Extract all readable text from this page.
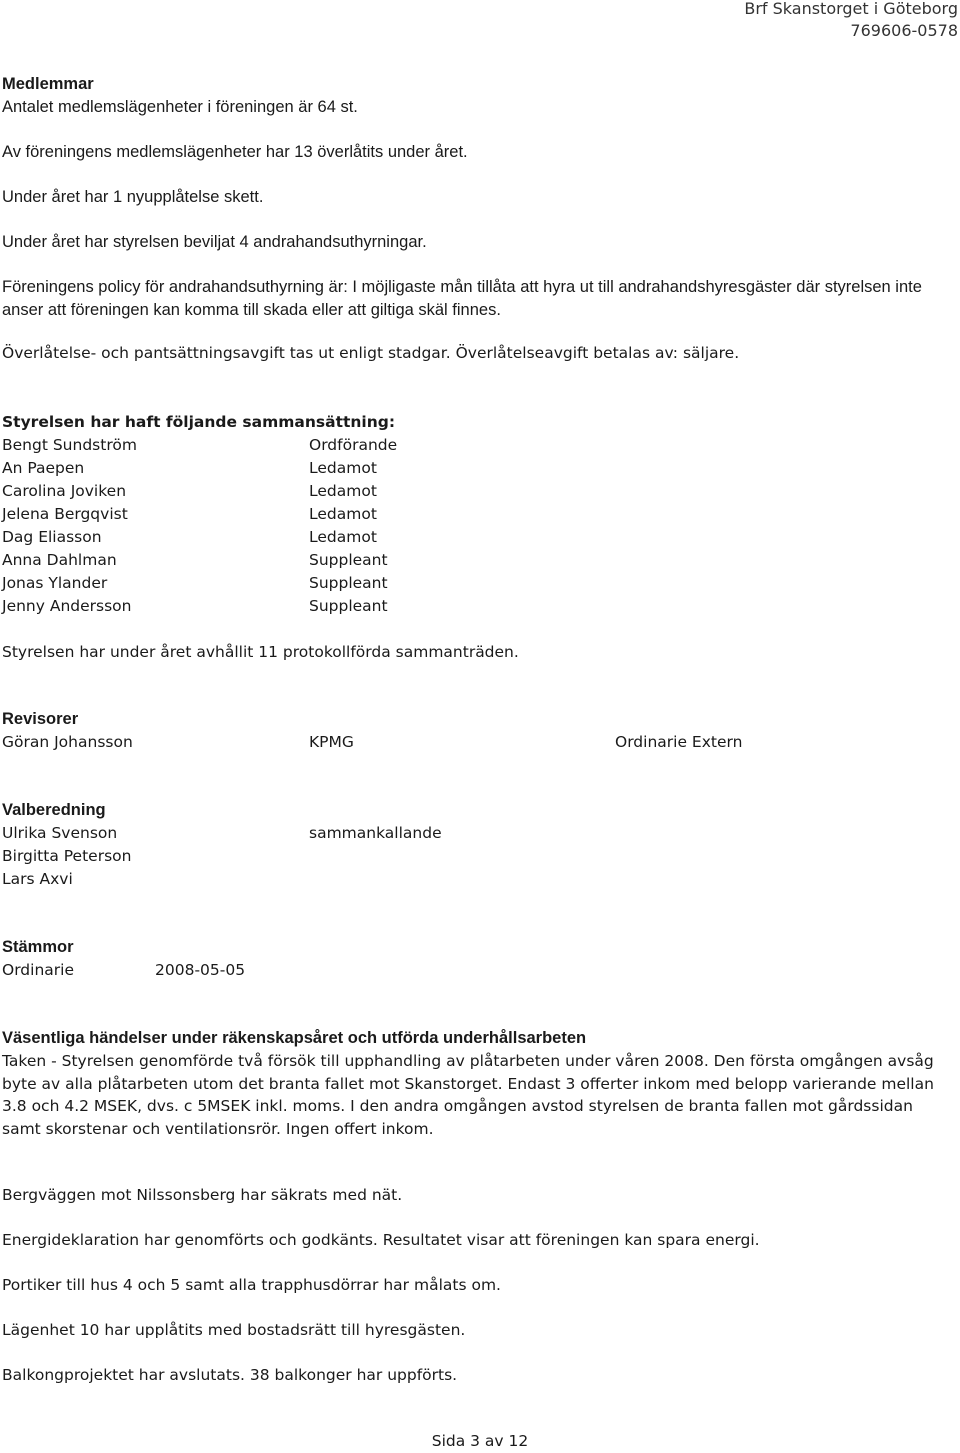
Brf Skanstorget i Göteborg
769606-0578
Medlemmar
Antalet medlemslägenheter i föreningen är 64 st.
Av föreningens medlemslägenheter har 13 överlåtits under året.
Under året har 1 nyupplåtelse skett.
Under året har styrelsen beviljat 4 andrahandsuthyrningar.
Föreningens policy för andrahandsuthyrning är: I möjligaste mån tillåta att hyra ut till andrahandshyresgäster där styrelsen inte anser att föreningen kan komma till skada eller att giltiga skäl finnes.
Överlåtelse- och pantsättningsavgift tas ut enligt stadgar. Överlåtelseavgift betalas av: säljare.
Styrelsen har haft följande sammansättning:
Bengt Sundström	Ordförande
An Paepen	Ledamot
Carolina Joviken	Ledamot
Jelena Bergqvist	Ledamot
Dag Eliasson	Ledamot
Anna Dahlman	Suppleant
Jonas Ylander	Suppleant
Jenny Andersson	Suppleant
Styrelsen har under året avhållit 11 protokollförda sammanträden.
Revisorer
Göran Johansson	KPMG	Ordinarie Extern
Valberedning
Ulrika Svenson	sammankallande
Birgitta Peterson
Lars Axvi
Stämmor
Ordinarie	2008-05-05
Väsentliga händelser under räkenskapsåret och utförda underhållsarbeten
Taken - Styrelsen genomförde två försök till upphandling av plåtarbeten under våren 2008. Den första omgången avsåg byte av alla plåtarbeten utom det branta fallet mot Skanstorget. Endast 3 offerter inkom med belopp varierande mellan 3.8 och 4.2 MSEK, dvs. c 5MSEK inkl. moms. I den andra omgången avstod styrelsen de branta fallen mot gårdssidan samt skorstenar och ventilationsrör. Ingen offert inkom.
Bergväggen mot Nilssonsberg har säkrats med nät.
Energideklaration har genomförts och godkänts. Resultatet visar att föreningen kan spara energi.
Portiker till hus 4 och 5 samt alla trapphusdörrar har målats om.
Lägenhet 10 har upplåtits med bostadsrätt till hyresgästen.
Balkongprojektet har avslutats. 38 balkonger har uppförts.
Sida 3 av 12
